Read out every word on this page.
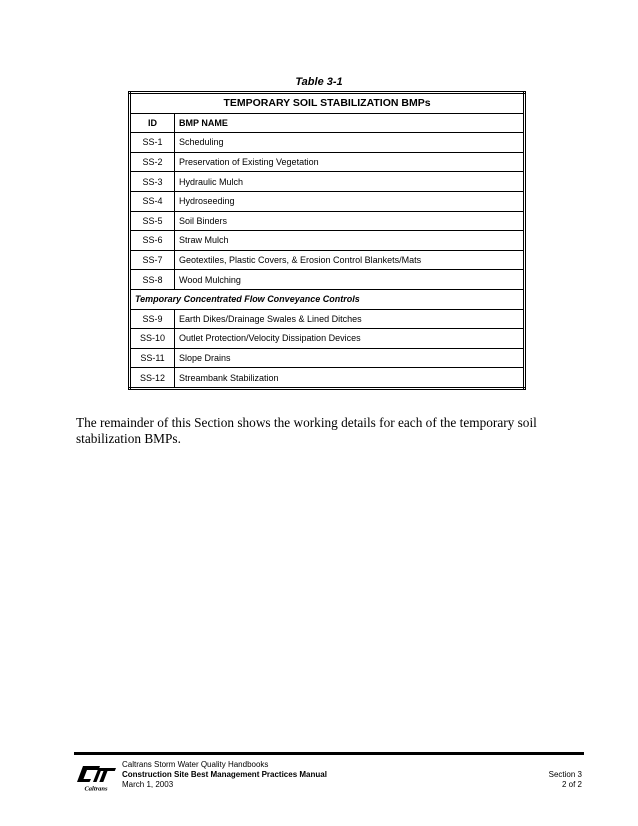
Table 3-1
TEMPORARY SOIL STABILIZATION BMPs	
ID	BMP NAME
SS-1	Scheduling
SS-2	Preservation of Existing Vegetation
SS-3	Hydraulic Mulch
SS-4	Hydroseeding
SS-5	Soil Binders
SS-6	Straw Mulch
SS-7	Geotextiles, Plastic Covers, & Erosion Control Blankets/Mats
SS-8	Wood Mulching
Temporary Concentrated Flow Conveyance Controls	
SS-9	Earth Dikes/Drainage Swales & Lined Ditches
SS-10	Outlet Protection/Velocity Dissipation Devices
SS-11	Slope Drains
SS-12	Streambank Stabilization

The remainder of this Section shows the working details for each of the temporary soil stabilization BMPs.

Caltrans
Caltrans Storm Water Quality Handbooks
Construction Site Best Management Practices Manual
March 1, 2003
Section 3
2 of 2
